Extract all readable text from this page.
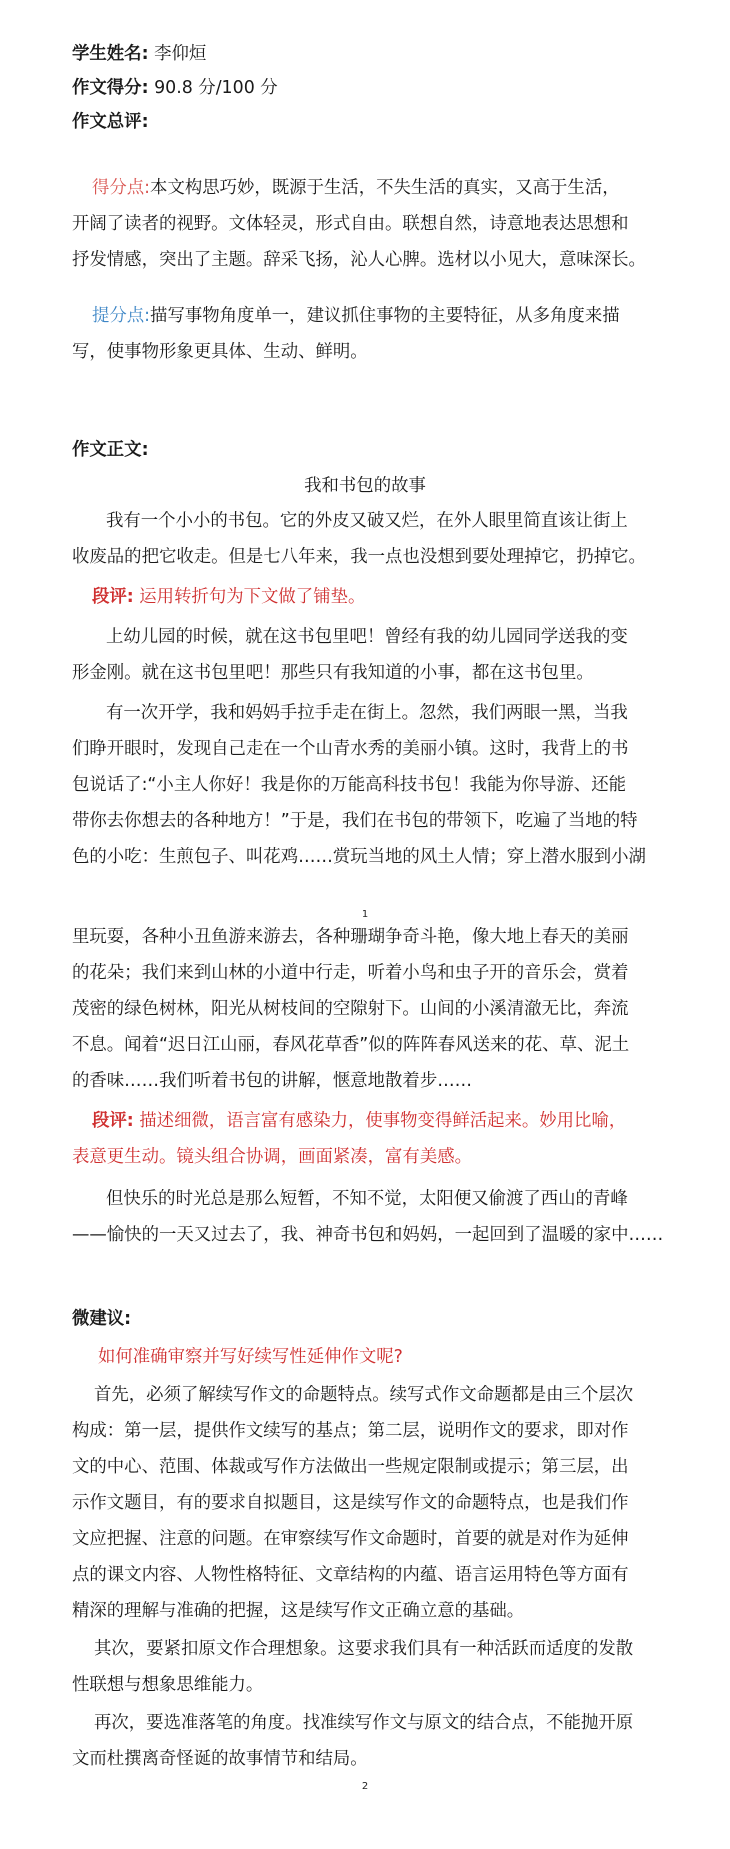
学生姓名: 李仰烜
作文得分: 90.8 分/100 分
作文总评:
得分点:本文构思巧妙，既源于生活，不失生活的真实，又高于生活，
开阔了读者的视野。文体轻灵，形式自由。联想自然，诗意地表达思想和
抒发情感，突出了主题。辞采飞扬，沁人心脾。选材以小见大，意味深长。
提分点:描写事物角度单一，建议抓住事物的主要特征，从多角度来描
写，使事物形象更具体、生动、鲜明。
作文正文:
我和书包的故事
我有一个小小的书包。它的外皮又破又烂，在外人眼里简直该让街上
收废品的把它收走。但是七八年来，我一点也没想到要处理掉它，扔掉它。
段评: 运用转折句为下文做了铺垫。
上幼儿园的时候，就在这书包里吧！曾经有我的幼儿园同学送我的变
形金刚。就在这书包里吧！那些只有我知道的小事，都在这书包里。
有一次开学，我和妈妈手拉手走在街上。忽然，我们两眼一黑，当我
们睁开眼时，发现自己走在一个山青水秀的美丽小镇。这时，我背上的书
包说话了:“小主人你好！我是你的万能高科技书包！我能为你导游、还能
带你去你想去的各种地方！”于是，我们在书包的带领下，吃遍了当地的特
色的小吃：生煎包子、叫花鸡……赏玩当地的风土人情；穿上潜水服到小湖
1
里玩耍，各种小丑鱼游来游去，各种珊瑚争奇斗艳，像大地上春天的美丽
的花朵；我们来到山林的小道中行走，听着小鸟和虫子开的音乐会，赏着
茂密的绿色树林，阳光从树枝间的空隙射下。山间的小溪清澈无比，奔流
不息。闻着“迟日江山丽，春风花草香”似的阵阵春风送来的花、草、泥土
的香味……我们听着书包的讲解，惬意地散着步……
段评: 描述细微，语言富有感染力，使事物变得鲜活起来。妙用比喻，
表意更生动。镜头组合协调，画面紧凑，富有美感。
但快乐的时光总是那么短暂，不知不觉，太阳便又偷渡了西山的青峰
——愉快的一天又过去了，我、神奇书包和妈妈，一起回到了温暖的家中……
微建议:
如何准确审察并写好续写性延伸作文呢?
首先，必须了解续写作文的命题特点。续写式作文命题都是由三个层次
构成：第一层，提供作文续写的基点；第二层，说明作文的要求，即对作
文的中心、范围、体裁或写作方法做出一些规定限制或提示；第三层，出
示作文题目，有的要求自拟题目，这是续写作文的命题特点，也是我们作
文应把握、注意的问题。在审察续写作文命题时，首要的就是对作为延伸
点的课文内容、人物性格特征、文章结构的内蕴、语言运用特色等方面有
精深的理解与准确的把握，这是续写作文正确立意的基础。
其次，要紧扣原文作合理想象。这要求我们具有一种活跃而适度的发散
性联想与想象思维能力。
再次，要选准落笔的角度。找准续写作文与原文的结合点，不能抛开原
文而杜撰离奇怪诞的故事情节和结局。
2
